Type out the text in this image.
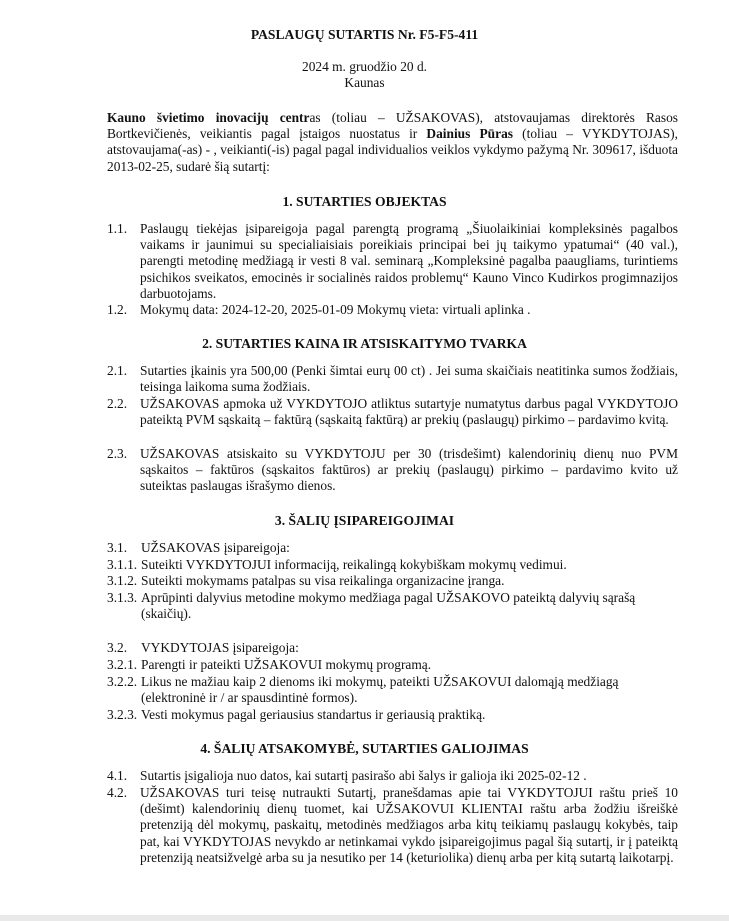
PASLAUGŲ SUTARTIS Nr. F5-F5-411
2024 m. gruodžio 20 d.
Kaunas
Kauno švietimo inovacijų centras (toliau – UŽSAKOVAS), atstovaujamas direktorės Rasos Bortkevičienės, veikiantis pagal įstaigos nuostatus ir Dainius Pūras (toliau – VYKDYTOJAS), atstovaujama(-as) - , veikianti(-is) pagal pagal individualios veiklos vykdymo pažymą Nr. 309617, išduota 2013-02-25, sudarė šią sutartį:
1. SUTARTIES OBJEKTAS
1.1. Paslaugų tiekėjas įsipareigoja pagal parengtą programą „Šiuolaikiniai kompleksinės pagalbos vaikams ir jaunimui su specialiaisiais poreikiais principai bei jų taikymo ypatumai“ (40 val.), parengti metodinę medžiagą ir vesti 8 val. seminarą „Kompleksinė pagalba paaugliams, turintiems psichikos sveikatos, emocinės ir socialinės raidos problemų“ Kauno Vinco Kudirkos progimnazijos darbuotojams.
1.2. Mokymų data: 2024-12-20, 2025-01-09 Mokymų vieta: virtuali aplinka .
2. SUTARTIES KAINA IR ATSISKAITYMO TVARKA
2.1. Sutarties įkainis yra 500,00 (Penki šimtai eurų 00 ct) . Jei suma skaičiais neatitinka sumos žodžiais, teisinga laikoma suma žodžiais.
2.2. UŽSAKOVAS apmoka už VYKDYTOJO atliktus sutartyje numatytus darbus pagal VYKDYTOJO pateiktą PVM sąskaitą – faktūrą (sąskaitą faktūrą) ar prekių (paslaugų) pirkimo – pardavimo kvitą.
2.3. UŽSAKOVAS atsiskaito su VYKDYTOJU per 30 (trisdešimt) kalendorinių dienų nuo PVM sąskaitos – faktūros (sąskaitos faktūros) ar prekių (paslaugų) pirkimo – pardavimo kvito už suteiktas paslaugas išrašymo dienos.
3. ŠALIŲ ĮSIPAREIGOJIMAI
3.1. UŽSAKOVAS įsipareigoja:
3.1.1. Suteikti VYKDYTOJUI informaciją, reikalingą kokybiškam mokymų vedimui.
3.1.2. Suteikti mokymams patalpas su visa reikalinga organizacine įranga.
3.1.3. Aprūpinti dalyvius metodine mokymo medžiaga pagal UŽSAKOVO pateiktą dalyvių sąrašą (skaičių).
3.2. VYKDYTOJAS įsipareigoja:
3.2.1. Parengti ir pateikti UŽSAKOVUI mokymų programą.
3.2.2. Likus ne mažiau kaip 2 dienoms iki mokymų, pateikti UŽSAKOVUI dalomąją medžiagą (elektroninė ir / ar spausdintinė formos).
3.2.3. Vesti mokymus pagal geriausius standartus ir geriausią praktiką.
4. ŠALIŲ ATSAKOMYBĖ, SUTARTIES GALIOJIMAS
4.1. Sutartis įsigalioja nuo datos, kai sutartį pasirašo abi šalys ir galioja iki 2025-02-12 .
4.2. UŽSAKOVAS turi teisę nutraukti Sutartį, pranešdamas apie tai VYKDYTOJUI raštu prieš 10 (dešimt) kalendorinių dienų tuomet, kai UŽSAKOVUI KLIENTAI raštu arba žodžiu išreiškė pretenziją dėl mokymų, paskaitų, metodinės medžiagos arba kitų teikiamų paslaugų kokybės, taip pat, kai VYKDYTOJAS nevykdo ar netinkamai vykdo įsipareigojimus pagal šią sutartį, ir į pateiktą pretenziją neatsižvelgė arba su ja nesutiko per 14 (keturiolika) dienų arba per kitą sutartą laikotarpį.
